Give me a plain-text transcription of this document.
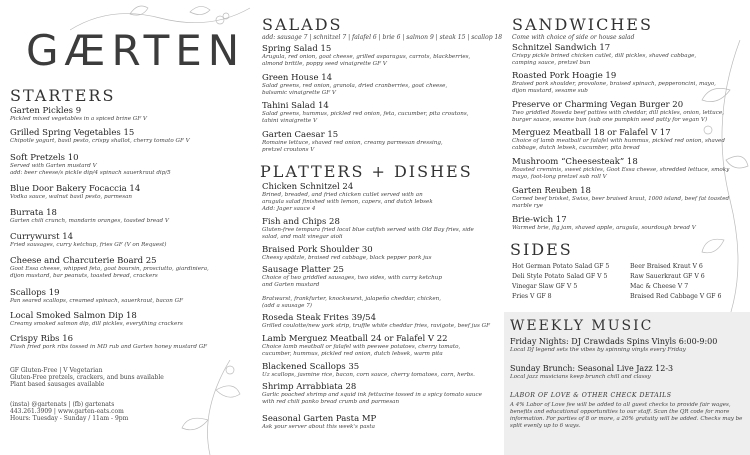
GÆRTEN
STARTERS
Garten Pickles 9
Pickled mixed vegetables in a spiced brine GF V
Grilled Spring Vegetables 15
Chipotle yogurt, basil pesto, crispy shallot, cherry tomato GF V
Soft Pretzels 10
Served with Garten mustard V
add: beer cheese/s pickle dip/4 spinach sauerkraut dip/5
Blue Door Bakery Focaccia 14
Vodka sauce, walnut basil pesto, parmesan
Burrata 18
Garten chili crunch, mandarin oranges, toasted bread V
Currywurst 14
Fried sausages, curry ketchup, fries GF (V on Request)
Cheese and Charcuterie Board 25
Goot Essa cheese, whipped feta, goat boursin, prosciutto, giardiniera,
dijon mustard, bar peanuts, toasted bread, crackers
Scallops 19
Pan seared scallops, creamed spinach, sauerkraut, bacon GF
Local Smoked Salmon Dip 18
Creamy smoked salmon dip, dill pickles, everything crackers
Crispy Ribs 16
Flash fried pork ribs tossed in MD rub and Garten honey mustard GF
GF Gluten-Free | V Vegetarian
Gluten-Free pretzels, crackers, and buns available
Plant based sausages available
(insta) @gartenats | (fb) gartenats
443.261.3909 | www.garten-eats.com
Hours: Tuesday - Sunday / 11am - 9pm
SALADS
add: sausage 7 | schnitzel 7 | falafel 6 | brie 6 | salmon 9 | steak 15 | scallop 18
Spring Salad 15
Arugula, red onion, goat cheese, grilled asparagus, carrots, blackberries,
almond brittle, poppy seed vinaigrette GF V
Green House 14
Salad greens, red onion, granola, dried cranberries, goat cheese,
balsamic vinaigrette GF V
Tahini Salad 14
Salad greens, hummus, pickled red onion, feta, cucumber, pita croutons,
tahini vinaigrette V
Garten Caesar 15
Romaine lettuce, shaved red onion, creamy parmesan dressing,
pretzel croutons V
PLATTERS + DISHES
Chicken Schnitzel 24
Brined, breaded, and fried chicken cutlet served with an
arugula salad finished with lemon, capers, and dutch lebsek
Add: Jager sauce 4
Fish and Chips 28
Gluten-free tempura fried local blue catfish served with Old Bay fries, side
salad, and malt vinegar aioli
Braised Pork Shoulder 30
Cheesy spätzle, braised red cabbage, black pepper pork jus
Sausage Platter 25
Choice of two griddled sausages, two sides, with curry ketchup
and Garten mustard

Bratwurst, frankfurter, knockwurst, jalapeño cheddar, chicken,
(add a sausage 7)
Roseda Steak Frites 39/54
Grilled coulotte/new york strip, truffle white cheddar fries, ravigote, beef jus GF
Lamb Merguez Meatball 24 or Falafel V 22
Choice lamb meatball or falafel with peewee potatoes, cherry tomato,
cucumber, hummus, pickled red onion, dutch lebsek, warm pita
Blackened Scallops 35
Uz scallops, jasmine rice, bacon, corn sauce, cherry tomatoes, corn, herbs.
Shrimp Arrabbiata 28
Garlic poached shrimp and squid ink fettucine tossed in a spicy tomato sauce
with red chili panko bread crumb and parmesan
Seasonal Garten Pasta MP
Ask your server about this week's pasta
SANDWICHES
Come with choice of side or house salad
Schnitzel Sandwich 17
Crispy pickle brined chicken cutlet, dill pickles, shaved cabbage,
camping sauce, pretzel bun
Roasted Pork Hoagie 19
Braised pork shoulder, provolone, braised spinach, pepperoncini, mayo,
dijon mustard, sesame sub
Preserve or Charming Vegan Burger 20
Two griddled Roseda beef patties with cheddar, dill pickles, onion, lettuce,
burger sauce, sesame bun (sub one pumpkin seed patty for vegan V)
Merguez Meatball 18 or Falafel V 17
Choice of lamb meatball or falafel with hummus, pickled red onion, shaved
cabbage, dutch lebsek, cucumber, pita bread
Mushroom “Cheesesteak” 18
Roasted creminis, sweet pickles, Goot Essa cheese, shredded lettuce, smoky
mayo, foot-long pretzel sub roll V
Garten Reuben 18
Corned beef brisket, Swiss, beer braised kraut, 1000 island, beef fat toasted
marble rye
Brie-wich 17
Warmed brie, fig jam, shaved apple, arugula, sourdough bread V
SIDES
Hot German Potato Salad GF 5
Deli Style Potato Salad GF V 5
Vinegar Slaw GF V 5
Fries V GF 8
Beer Braised Kraut V 6
Raw Sauerkraut GF V 6
Mac & Cheese V 7
Braised Red Cabbage V GF 6
WEEKLY MUSIC
Friday Nights: DJ Crawdads Spins Vinyls 6:00-9:00
Local DJ legend sets the vibes by spinning vinyls every Friday
Sunday Brunch: Seasonal Live Jazz 12-3
Local jazz musicians keep brunch chill and classy
LABOR OF LOVE & OTHER CHECK DETAILS
A 4% Labor of Love fee will be added to all guest checks to provide fair wages, benefits and educational opportunities to our staff. Scan the QR code for more information. For parties of 8 or more, a 20% gratuity will be added. Checks may be split evenly up to 6 ways.
